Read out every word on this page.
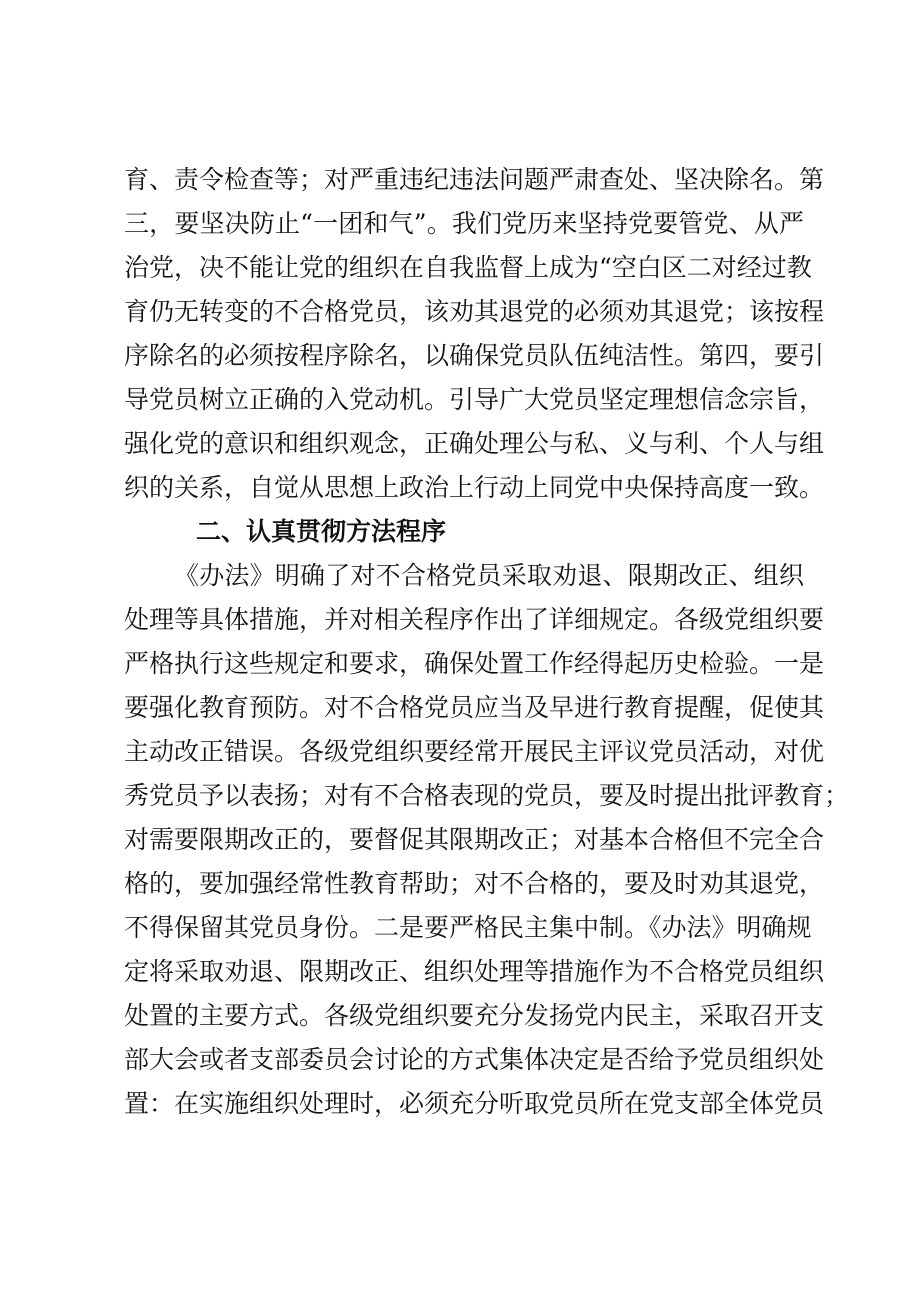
育、责令检查等；对严重违纪违法问题严肃查处、坚决除名。第
三，要坚决防止“一团和气”。我们党历来坚持党要管党、从严
治党，决不能让党的组织在自我监督上成为“空白区二对经过教
育仍无转变的不合格党员，该劝其退党的必须劝其退党；该按程
序除名的必须按程序除名，以确保党员队伍纯洁性。第四，要引
导党员树立正确的入党动机。引导广大党员坚定理想信念宗旨，
强化党的意识和组织观念，正确处理公与私、义与利、个人与组
织的关系，自觉从思想上政治上行动上同党中央保持高度一致。
二、认真贯彻方法程序
《办法》明确了对不合格党员采取劝退、限期改正、组织
处理等具体措施，并对相关程序作出了详细规定。各级党组织要
严格执行这些规定和要求，确保处置工作经得起历史检验。一是
要强化教育预防。对不合格党员应当及早进行教育提醒，促使其
主动改正错误。各级党组织要经常开展民主评议党员活动，对优
秀党员予以表扬；对有不合格表现的党员，要及时提出批评教育；
对需要限期改正的，要督促其限期改正；对基本合格但不完全合
格的，要加强经常性教育帮助；对不合格的，要及时劝其退党，
不得保留其党员身份。二是要严格民主集中制。《办法》明确规
定将采取劝退、限期改正、组织处理等措施作为不合格党员组织
处置的主要方式。各级党组织要充分发扬党内民主，采取召开支
部大会或者支部委员会讨论的方式集体决定是否给予党员组织处
置：在实施组织处理时，必须充分听取党员所在党支部全体党员
